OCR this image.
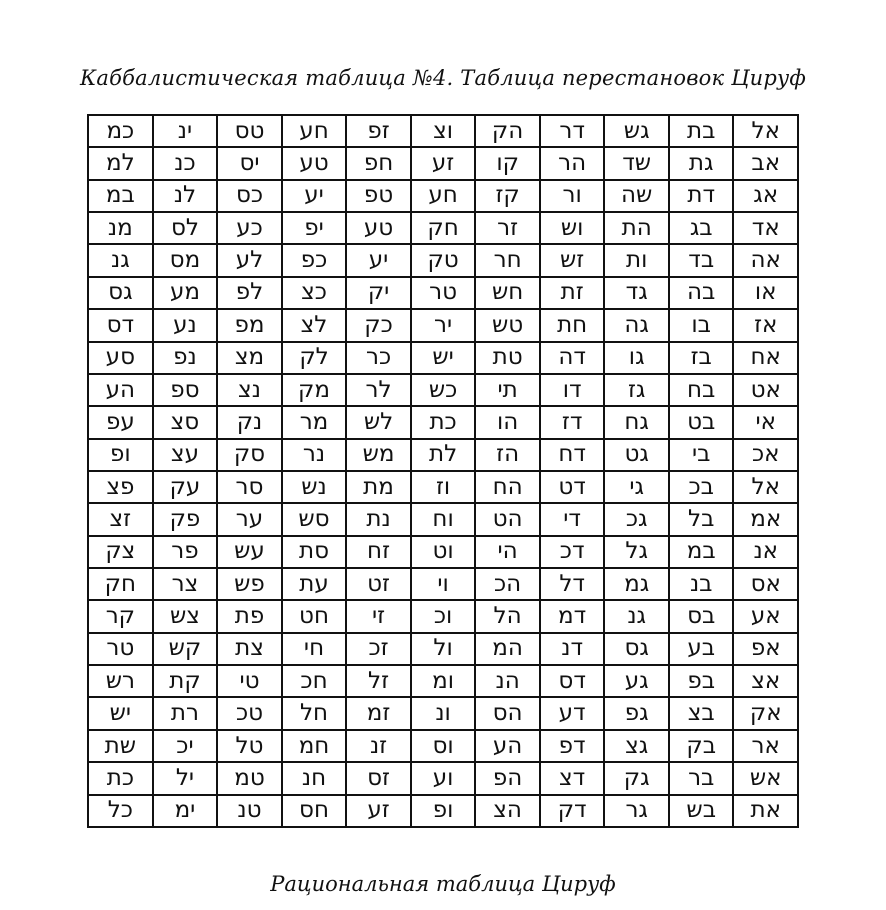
Каббалистическая таблица №4. Таблица перестановок Цируф
אל	בת	גש	דר	הק	וצ	זפ	חע	טס	ינ	כמ
אב	גת	שד	הר	קו	זע	חפ	טע	יס	כנ	למ
אג	דת	שה	ור	קז	חע	טפ	יע	כס	לנ	במ
אד	בג	הת	וש	זר	חק	טע	יפ	כע	לס	מנ
אה	בד	ות	זש	חר	טק	יע	כפ	לע	מס	גנ
או	בה	גד	זת	חש	טר	יק	כצ	לפ	מע	גס
אז	בו	גה	חת	טש	יר	כק	לצ	מפ	נע	דס
אח	בז	גו	דה	טת	יש	כר	לק	מצ	נפ	סע
אט	בח	גז	דו	תי	כש	לר	מק	נצ	ספ	הע
אי	בט	גח	דז	הו	כת	לש	מר	נק	סצ	עפ
אכ	בי	גט	דח	הז	לת	מש	נר	סק	עצ	ופ
אל	בכ	גי	דט	הח	וז	מת	נש	סר	עק	פצ
אמ	בל	גכ	די	הט	וח	נת	סש	ער	פק	זצ
אנ	במ	גל	דכ	הי	וט	זח	סת	עש	פר	צק
אס	בנ	גמ	דל	הכ	וי	זט	עת	פש	צר	חק
אע	בס	גנ	דמ	הל	וכ	זי	חט	פת	צש	קר
אפ	בע	גס	דנ	המ	ול	זכ	חי	צת	קש	טר
אצ	בפ	גע	דס	הנ	ומ	זל	חכ	טי	קת	רש
אק	בצ	גפ	דע	הס	ונ	זמ	חל	טכ	רת	יש
אר	בק	גצ	דפ	הע	וס	זנ	חמ	טל	יכ	שת
אש	בר	גק	דצ	הפ	וע	זס	חנ	טמ	יל	כת
את	בש	גר	דק	הצ	ופ	זע	חס	טנ	ימ	כל
Рациональная таблица Цируф
